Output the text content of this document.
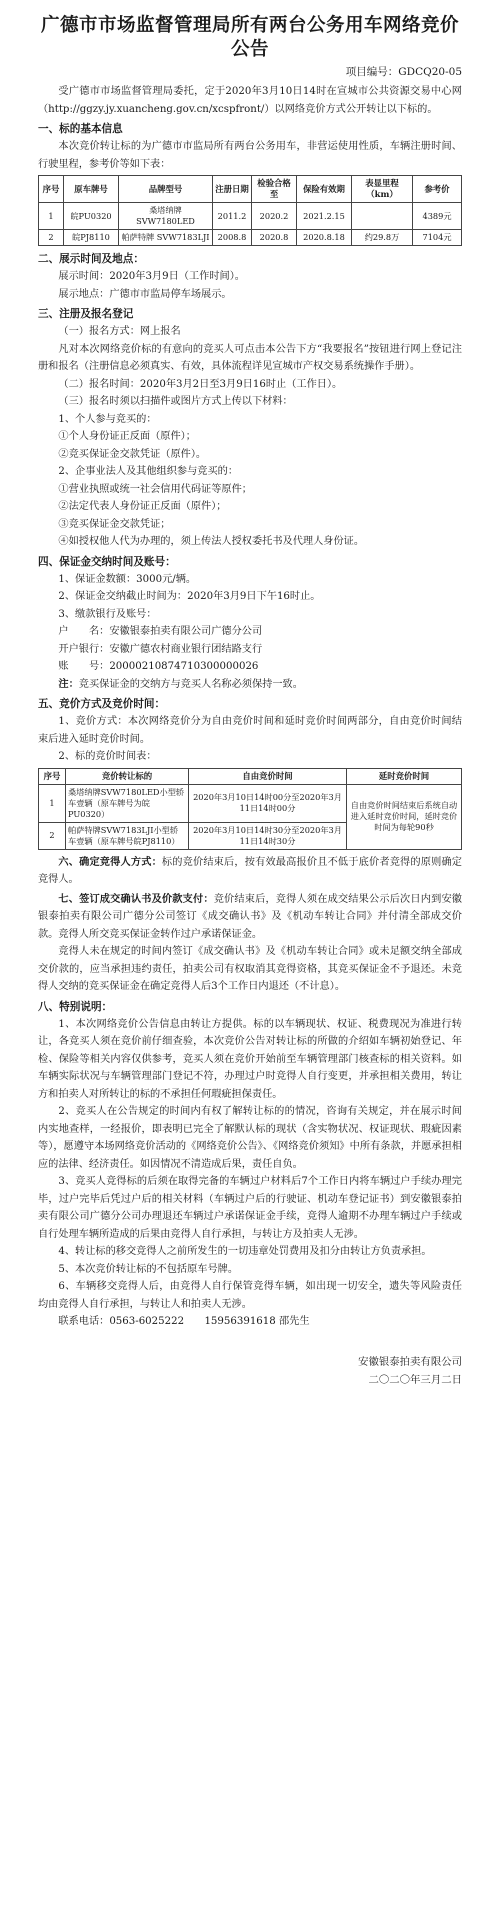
广德市市场监督管理局所有两台公务用车网络竞价公告
项目编号：GDCQ20-05

受广德市市场监督管理局委托，定于2020年3月10日14时在宣城市公共资源交易中心网（http://ggzy.jy.xuancheng.gov.cn/xcspfront/）以网络竞价方式公开转让以下标的。

一、标的基本信息

本次竞价转让标的为广德市市监局所有两台公务用车，非营运使用性质，车辆注册时间、行驶里程，参考价等如下表：

序号	原车牌号	品牌型号	注册日期	检验合格至	保险有效期	表显里程（km）	参考价
1	皖PU0320	桑塔纳牌 SVW7180LED	2011.2	2020.2	2021.2.15		4389元
2	皖PJ8110	帕萨特牌 SVW7183LJI	2008.8	2020.8	2020.8.18	约29.8万	7104元
二、展示时间及地点：

展示时间：2020年3月9日（工作时间）。

展示地点：广德市市监局停车场展示。

三、注册及报名登记

（一）报名方式：网上报名

凡对本次网络竞价标的有意向的竞买人可点击本公告下方“我要报名”按钮进行网上登记注册和报名（注册信息必须真实、有效，具体流程详见宣城市产权交易系统操作手册）。

（二）报名时间：2020年3月2日至3月9日16时止（工作日）。

（三）报名时须以扫描件或图片方式上传以下材料：

1、个人参与竞买的：

①个人身份证正反面（原件）；

②竞买保证金交款凭证（原件）。

2、企事业法人及其他组织参与竞买的：

①营业执照或统一社会信用代码证等原件；

②法定代表人身份证正反面（原件）；

③竞买保证金交款凭证；

④如授权他人代为办理的，须上传法人授权委托书及代理人身份证。

四、保证金交纳时间及账号：

1、保证金数额：3000元/辆。

2、保证金交纳截止时间为：2020年3月9日下午16时止。

3、缴款银行及账号：

户　　名：安徽银泰拍卖有限公司广德分公司

开户银行：安徽广德农村商业银行团结路支行

账　　号：20000210874710300000026

注：竞买保证金的交纳方与竞买人名称必须保持一致。

五、竞价方式及竞价时间：

1、竞价方式：本次网络竞价分为自由竞价时间和延时竞价时间两部分，自由竞价时间结束后进入延时竞价时间。

2、标的竞价时间表：

序号	竞价转让标的	自由竞价时间	延时竞价时间
1	桑塔纳牌SVW7180LED小型轿车壹辆（原车牌号为皖PU0320）	2020年3月10日14时00分至2020年3月11日14时00分	自由竞价时间结束后系统自动进入延时竞价时间，延时竞价时间为每轮90秒
2	帕萨特牌SVW7183LJI小型轿车壹辆（原车牌号皖PJ8110）	2020年3月10日14时30分至2020年3月11日14时30分	

六、确定竞得人方式：标的竞价结束后，按有效最高报价且不低于底价者竞得的原则确定竞得人。

七、签订成交确认书及价款支付：竞价结束后，竞得人须在成交结果公示后次日内到安徽银泰拍卖有限公司广德分公司签订《成交确认书》及《机动车转让合同》并付清全部成交价款。竞得人所交竞买保证金转作过户承诺保证金。

竞得人未在规定的时间内签订《成交确认书》及《机动车转让合同》或未足额交纳全部成交价款的，应当承担违约责任，拍卖公司有权取消其竞得资格，其竞买保证金不予退还。未竞得人交纳的竞买保证金在确定竞得人后3个工作日内退还（不计息）。

八、特别说明：

1、本次网络竞价公告信息由转让方提供。标的以车辆现状、权证、税费现况为准进行转让，各竞买人须在竞价前仔细查验，本次竞价公告对转让标的所做的介绍如车辆初始登记、年检、保险等相关内容仅供参考，竞买人须在竞价开始前至车辆管理部门核查标的相关资料。如车辆实际状况与车辆管理部门登记不符，办理过户时竞得人自行变更，并承担相关费用，转让方和拍卖人对所转让的标的不承担任何瑕疵担保责任。

2、竞买人在公告规定的时间内有权了解转让标的的情况，咨询有关规定，并在展示时间内实地查样，一经报价，即表明已完全了解默认标的现状（含实物状况、权证现状、瑕疵因素等），愿遵守本场网络竞价活动的《网络竞价公告》、《网络竞价须知》中所有条款，并愿承担相应的法律、经济责任。如因情况不清造成后果，责任自负。

3、竞买人竞得标的后须在取得完备的车辆过户材料后7个工作日内将车辆过户手续办理完毕，过户完毕后凭过户后的相关材料（车辆过户后的行驶证、机动车登记证书）到安徽银泰拍卖有限公司广德分公司办理退还车辆过户承诺保证金手续，竞得人逾期不办理车辆过户手续或自行处理车辆所造成的后果由竞得人自行承担，与转让方及拍卖人无涉。

4、转让标的移交竞得人之前所发生的一切违章处罚费用及扣分由转让方负责承担。

5、本次竞价转让标的不包括原车号牌。

6、车辆移交竞得人后，由竞得人自行保管竞得车辆，如出现一切安全，遗失等风险责任均由竞得人自行承担，与转让人和拍卖人无涉。

联系电话：0563-6025222　　15956391618 邵先生

安徽银泰拍卖有限公司
二〇二〇年三月二日
